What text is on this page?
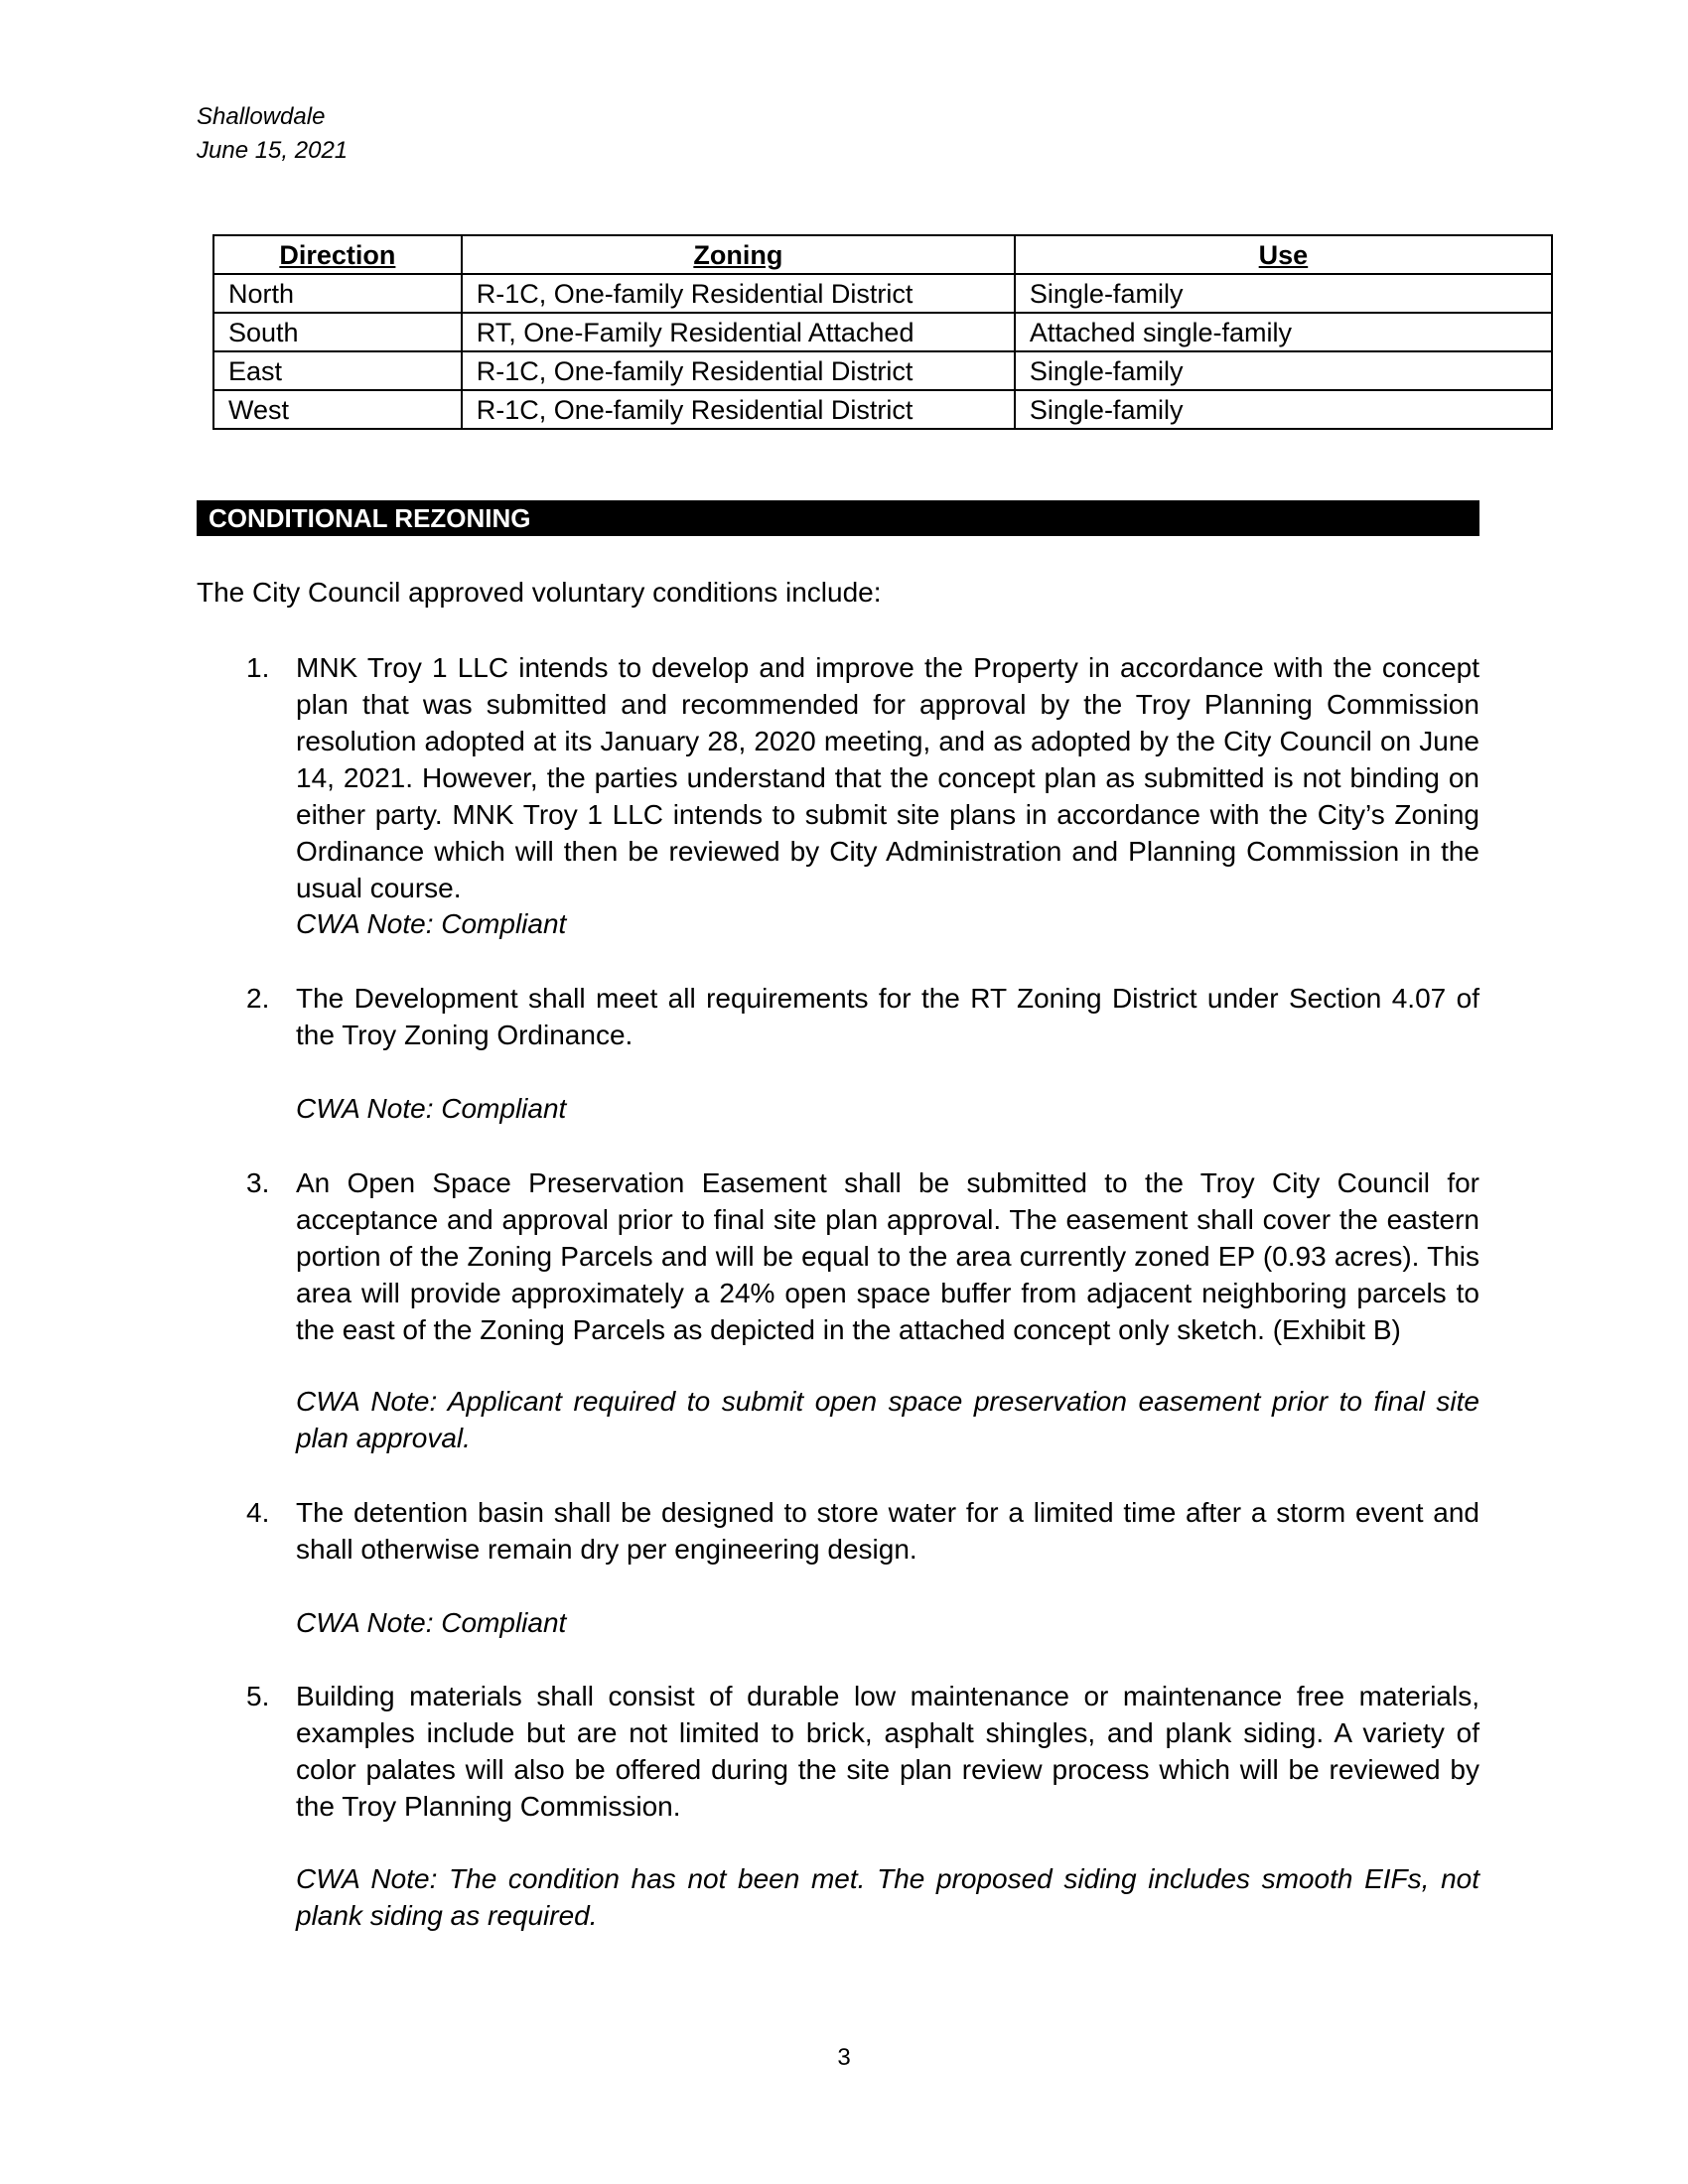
Shallowdale
June 15, 2021
Direction	Zoning	Use
North	R-1C, One-family Residential District	Single-family
South	RT, One-Family Residential Attached	Attached single-family
East	R-1C, One-family Residential District	Single-family
West	R-1C, One-family Residential District	Single-family
CONDITIONAL REZONING
The City Council approved voluntary conditions include:
1. MNK Troy 1 LLC intends to develop and improve the Property in accordance with the concept plan that was submitted and recommended for approval by the Troy Planning Commission resolution adopted at its January 28, 2020 meeting, and as adopted by the City Council on June 14, 2021. However, the parties understand that the concept plan as submitted is not binding on either party. MNK Troy 1 LLC intends to submit site plans in accordance with the City’s Zoning Ordinance which will then be reviewed by City Administration and Planning Commission in the usual course.
CWA Note: Compliant
2. The Development shall meet all requirements for the RT Zoning District under Section 4.07 of the Troy Zoning Ordinance.
CWA Note: Compliant
3. An Open Space Preservation Easement shall be submitted to the Troy City Council for acceptance and approval prior to final site plan approval. The easement shall cover the eastern portion of the Zoning Parcels and will be equal to the area currently zoned EP (0.93 acres). This area will provide approximately a 24% open space buffer from adjacent neighboring parcels to the east of the Zoning Parcels as depicted in the attached concept only sketch. (Exhibit B)
CWA Note: Applicant required to submit open space preservation easement prior to final site plan approval.
4. The detention basin shall be designed to store water for a limited time after a storm event and shall otherwise remain dry per engineering design.
CWA Note: Compliant
5. Building materials shall consist of durable low maintenance or maintenance free materials, examples include but are not limited to brick, asphalt shingles, and plank siding. A variety of color palates will also be offered during the site plan review process which will be reviewed by the Troy Planning Commission.
CWA Note: The condition has not been met. The proposed siding includes smooth EIFs, not plank siding as required.
3
